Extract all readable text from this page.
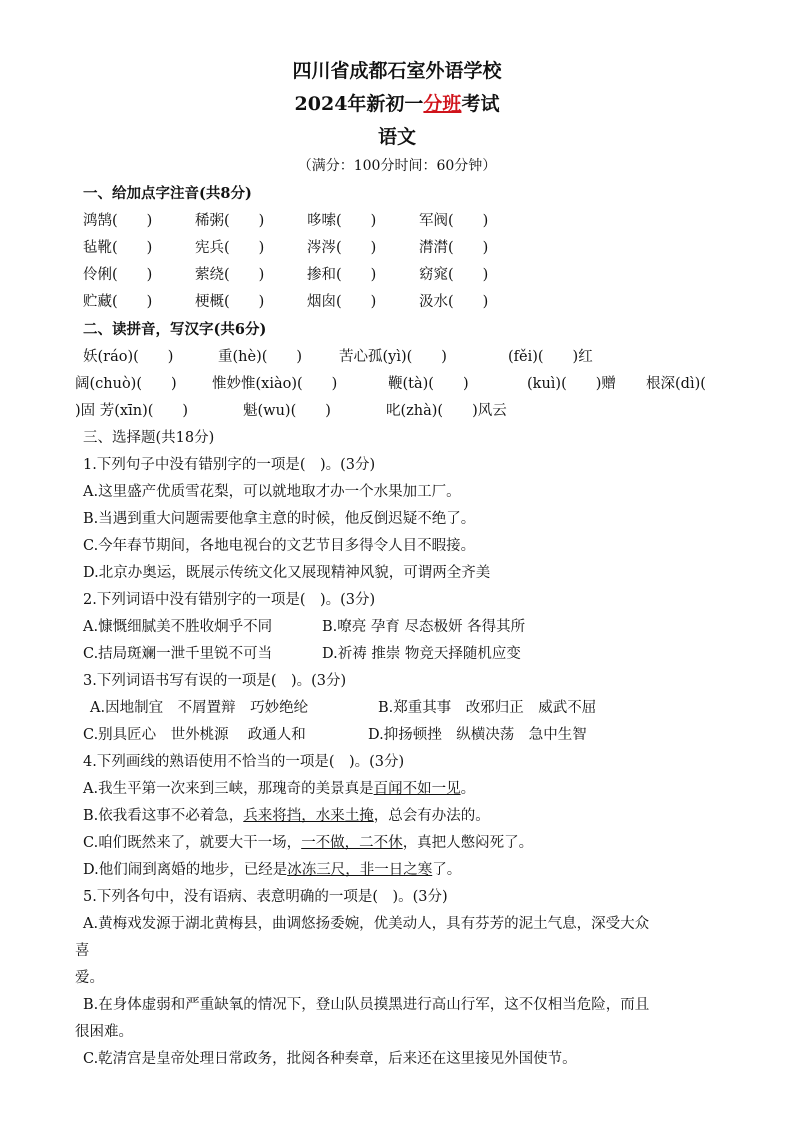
四川省成都石室外语学校
2024年新初一分班考试
语文
（满分：100分时间：60分钟）
一、给加点字注音(共8分)
鸿鹄(　　)	稀粥(　　)	哆嗦(　　)	军阀(　　)
毡靴(　　)	宪兵(　　)	涔涔(　　)	潸潸(　　)
伶俐(　　)	萦绕(　　)	掺和(　　)	窈窕(　　)
贮藏(　　)	梗概(　　)	烟囱(　　)	汲水(　　)
二、读拼音，写汉字(共6分)
妖(ráo)(　　)	重(hè)(　　)	苦心孤(yì)(　　)	(fěi)(　　)红
阔(chuò)(　　) 惟妙惟(xiào)(　　)	鞭(tà)(　　)	(kuì)(　　)赠 根深(dì)(
)固 芳(xīn)(　　)	魁(wu)(　　)	叱(zhà)(　　)风云
三、选择题(共18分)
1.下列句子中没有错别字的一项是(　)。(3分)
A.这里盛产优质雪花梨，可以就地取才办一个水果加工厂。
B.当遇到重大问题需要他拿主意的时候，他反倒迟疑不绝了。
C.今年春节期间，各地电视台的文艺节目多得令人目不暇接。
D.北京办奥运，既展示传统文化又展现精神风貌，可谓两全齐美
2.下列词语中没有错别字的一项是(　)。(3分)
A.慷慨细腻美不胜收炯乎不同	B.嘹亮 孕育 尽态极妍 各得其所
C.拮局斑斓一泄千里锐不可当	D.祈祷 推崇 物竞天择随机应变
3.下列词语书写有误的一项是(　)。(3分)
A.因地制宜　不屑置辩　巧妙绝纶	B.郑重其事　改邪归正　威武不屈
C.别具匠心　世外桃源　 政通人和	D.抑扬顿挫　纵横决荡　急中生智
4.下列画线的熟语使用不恰当的一项是(　)。(3分)
A.我生平第一次来到三峡，那瑰奇的美景真是百闻不如一见。
B.依我看这事不必着急，兵来将挡，水来土掩，总会有办法的。
C.咱们既然来了，就要大干一场，一不做，二不休，真把人憋闷死了。
D.他们闹到离婚的地步，已经是冰冻三尺，非一日之寒了。
5.下列各句中，没有语病、表意明确的一项是(　)。(3分)
A.黄梅戏发源于湖北黄梅县，曲调悠扬委婉，优美动人，具有芬芳的泥土气息，深受大众
喜
爱。
B.在身体虚弱和严重缺氧的情况下，登山队员摸黑进行高山行军，这不仅相当危险，而且
很困难。
C.乾清宫是皇帝处理日常政务，批阅各种奏章，后来还在这里接见外国使节。
